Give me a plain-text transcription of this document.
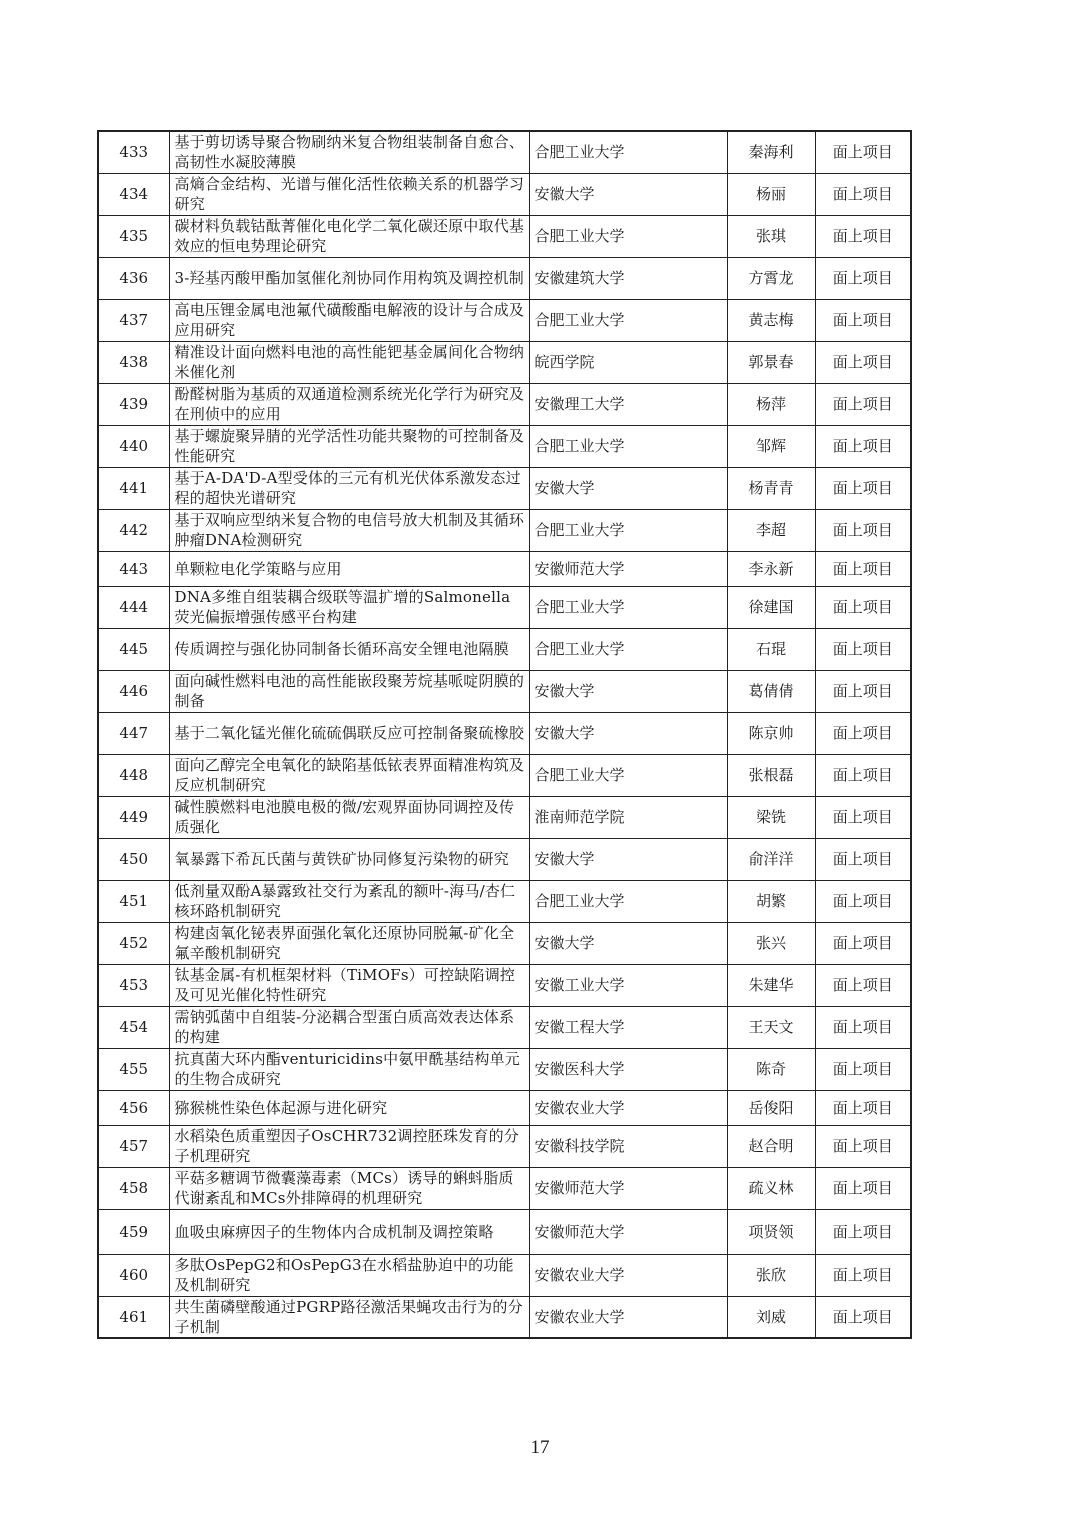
433	基于剪切诱导聚合物刷纳米复合物组装制备自愈合、高韧性水凝胶薄膜	合肥工业大学	秦海利	面上项目
434	高熵合金结构、光谱与催化活性依赖关系的机器学习研究	安徽大学	杨丽	面上项目
435	碳材料负载钴酞菁催化电化学二氧化碳还原中取代基效应的恒电势理论研究	合肥工业大学	张琪	面上项目
436	3-羟基丙酸甲酯加氢催化剂协同作用构筑及调控机制	安徽建筑大学	方霄龙	面上项目
437	高电压锂金属电池氟代磺酸酯电解液的设计与合成及应用研究	合肥工业大学	黄志梅	面上项目
438	精准设计面向燃料电池的高性能钯基金属间化合物纳米催化剂	皖西学院	郭景春	面上项目
439	酚醛树脂为基质的双通道检测系统光化学行为研究及在刑侦中的应用	安徽理工大学	杨萍	面上项目
440	基于螺旋聚异腈的光学活性功能共聚物的可控制备及性能研究	合肥工业大学	邹辉	面上项目
441	基于A-DA'D-A型受体的三元有机光伏体系激发态过程的超快光谱研究	安徽大学	杨青青	面上项目
442	基于双响应型纳米复合物的电信号放大机制及其循环肿瘤DNA检测研究	合肥工业大学	李超	面上项目
443	单颗粒电化学策略与应用	安徽师范大学	李永新	面上项目
444	DNA多维自组装耦合级联等温扩增的Salmonella荧光偏振增强传感平台构建	合肥工业大学	徐建国	面上项目
445	传质调控与强化协同制备长循环高安全锂电池隔膜	合肥工业大学	石琨	面上项目
446	面向碱性燃料电池的高性能嵌段聚芳烷基哌啶阴膜的制备	安徽大学	葛倩倩	面上项目
447	基于二氧化锰光催化硫硫偶联反应可控制备聚硫橡胶	安徽大学	陈京帅	面上项目
448	面向乙醇完全电氧化的缺陷基低铱表界面精准构筑及反应机制研究	合肥工业大学	张根磊	面上项目
449	碱性膜燃料电池膜电极的微/宏观界面协同调控及传质强化	淮南师范学院	梁铣	面上项目
450	氧暴露下希瓦氏菌与黄铁矿协同修复污染物的研究	安徽大学	俞洋洋	面上项目
451	低剂量双酚A暴露致社交行为紊乱的额叶-海马/杏仁核环路机制研究	合肥工业大学	胡繁	面上项目
452	构建卤氧化铋表界面强化氧化还原协同脱氟-矿化全氟辛酸机制研究	安徽大学	张兴	面上项目
453	钛基金属-有机框架材料（TiMOFs）可控缺陷调控及可见光催化特性研究	安徽工业大学	朱建华	面上项目
454	需钠弧菌中自组装-分泌耦合型蛋白质高效表达体系的构建	安徽工程大学	王天文	面上项目
455	抗真菌大环内酯venturicidins中氨甲酰基结构单元的生物合成研究	安徽医科大学	陈奇	面上项目
456	猕猴桃性染色体起源与进化研究	安徽农业大学	岳俊阳	面上项目
457	水稻染色质重塑因子OsCHR732调控胚珠发育的分子机理研究	安徽科技学院	赵合明	面上项目
458	平菇多糖调节微囊藻毒素（MCs）诱导的蝌蚪脂质代谢紊乱和MCs外排障碍的机理研究	安徽师范大学	疏义林	面上项目
459	血吸虫麻痹因子的生物体内合成机制及调控策略	安徽师范大学	项贤领	面上项目
460	多肽OsPepG2和OsPepG3在水稻盐胁迫中的功能及机制研究	安徽农业大学	张欣	面上项目
461	共生菌磷壁酸通过PGRP路径激活果蝇攻击行为的分子机制	安徽农业大学	刘威	面上项目
17
